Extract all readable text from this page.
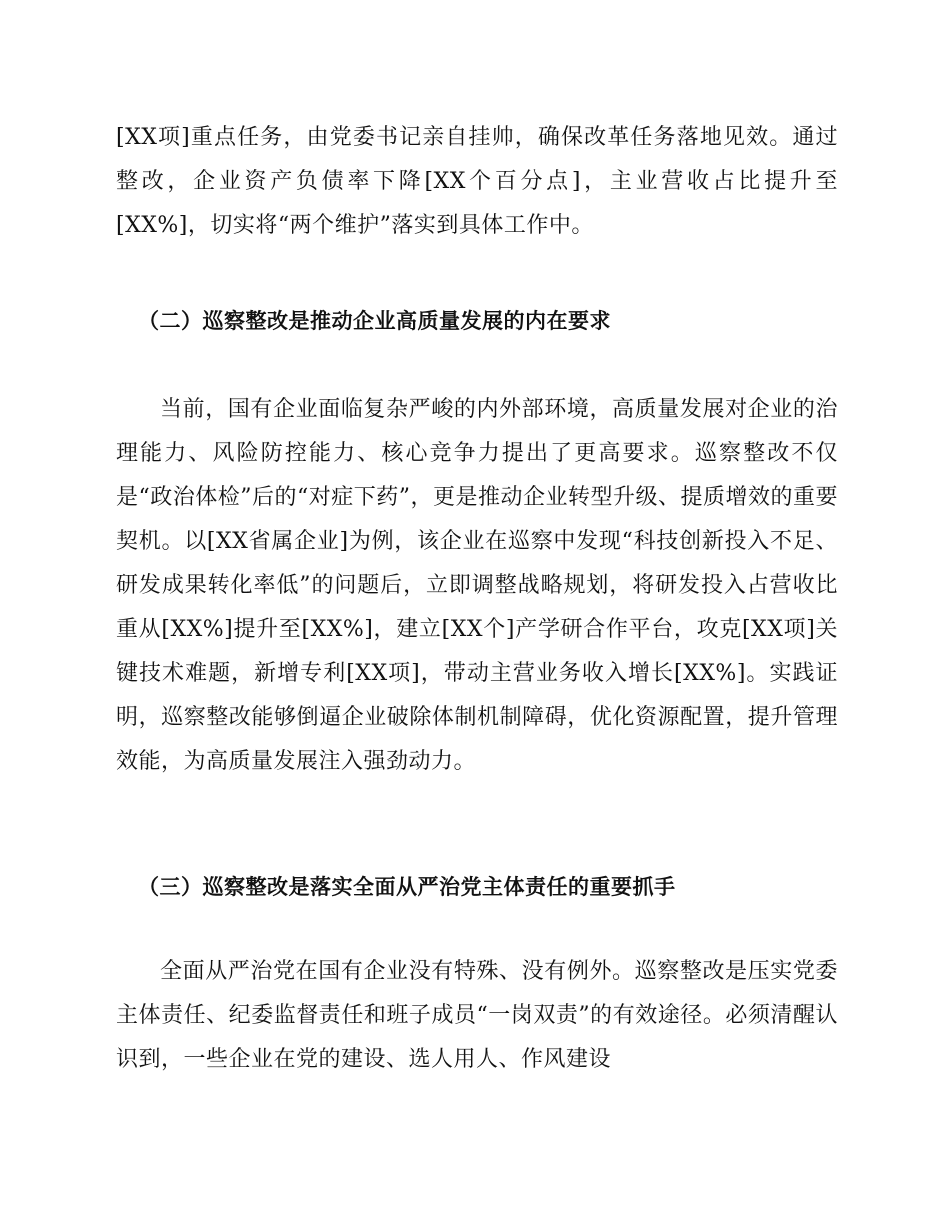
[XX项]重点任务，由党委书记亲自挂帅，确保改革任务落地见效。通过整改，企业资产负债率下降[XX个百分点]，主业营收占比提升至[XX%]，切实将“两个维护”落实到具体工作中。
（二）巡察整改是推动企业高质量发展的内在要求
当前，国有企业面临复杂严峻的内外部环境，高质量发展对企业的治理能力、风险防控能力、核心竞争力提出了更高要求。巡察整改不仅是“政治体检”后的“对症下药”，更是推动企业转型升级、提质增效的重要契机。以[XX省属企业]为例，该企业在巡察中发现“科技创新投入不足、研发成果转化率低”的问题后，立即调整战略规划，将研发投入占营收比重从[XX%]提升至[XX%]，建立[XX个]产学研合作平台，攻克[XX项]关键技术难题，新增专利[XX项]，带动主营业务收入增长[XX%]。实践证明，巡察整改能够倒逼企业破除体制机制障碍，优化资源配置，提升管理效能，为高质量发展注入强劲动力。
（三）巡察整改是落实全面从严治党主体责任的重要抓手
全面从严治党在国有企业没有特殊、没有例外。巡察整改是压实党委主体责任、纪委监督责任和班子成员“一岗双责”的有效途径。必须清醒认识到，一些企业在党的建设、选人用人、作风建设
